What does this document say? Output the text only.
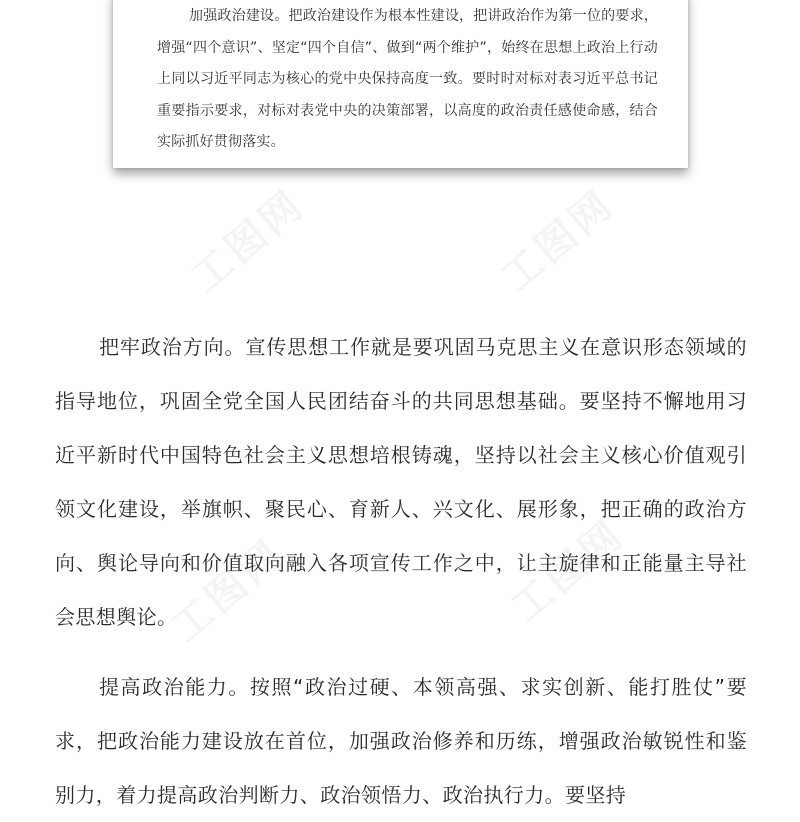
加强政治建设。把政治建设作为根本性建设，把讲政治作为第一位的要求，增强“四个意识”、坚定“四个自信”、做到“两个维护”，始终在思想上政治上行动上同以习近平同志为核心的党中央保持高度一致。要时时对标对表习近平总书记重要指示要求，对标对表党中央的决策部署，以高度的政治责任感使命感，结合实际抓好贯彻落实。

工图网	工图网
工图网	工图网

把牢政治方向。宣传思想工作就是要巩固马克思主义在意识形态领域的指导地位，巩固全党全国人民团结奋斗的共同思想基础。要坚持不懈地用习近平新时代中国特色社会主义思想培根铸魂，坚持以社会主义核心价值观引领文化建设，举旗帜、聚民心、育新人、兴文化、展形象，把正确的政治方向、舆论导向和价值取向融入各项宣传工作之中，让主旋律和正能量主导社会思想舆论。

提高政治能力。按照“政治过硬、本领高强、求实创新、能打胜仗”要求，把政治能力建设放在首位，加强政治修养和历练，增强政治敏锐性和鉴别力，着力提高政治判断力、政治领悟力、政治执行力。要坚持
